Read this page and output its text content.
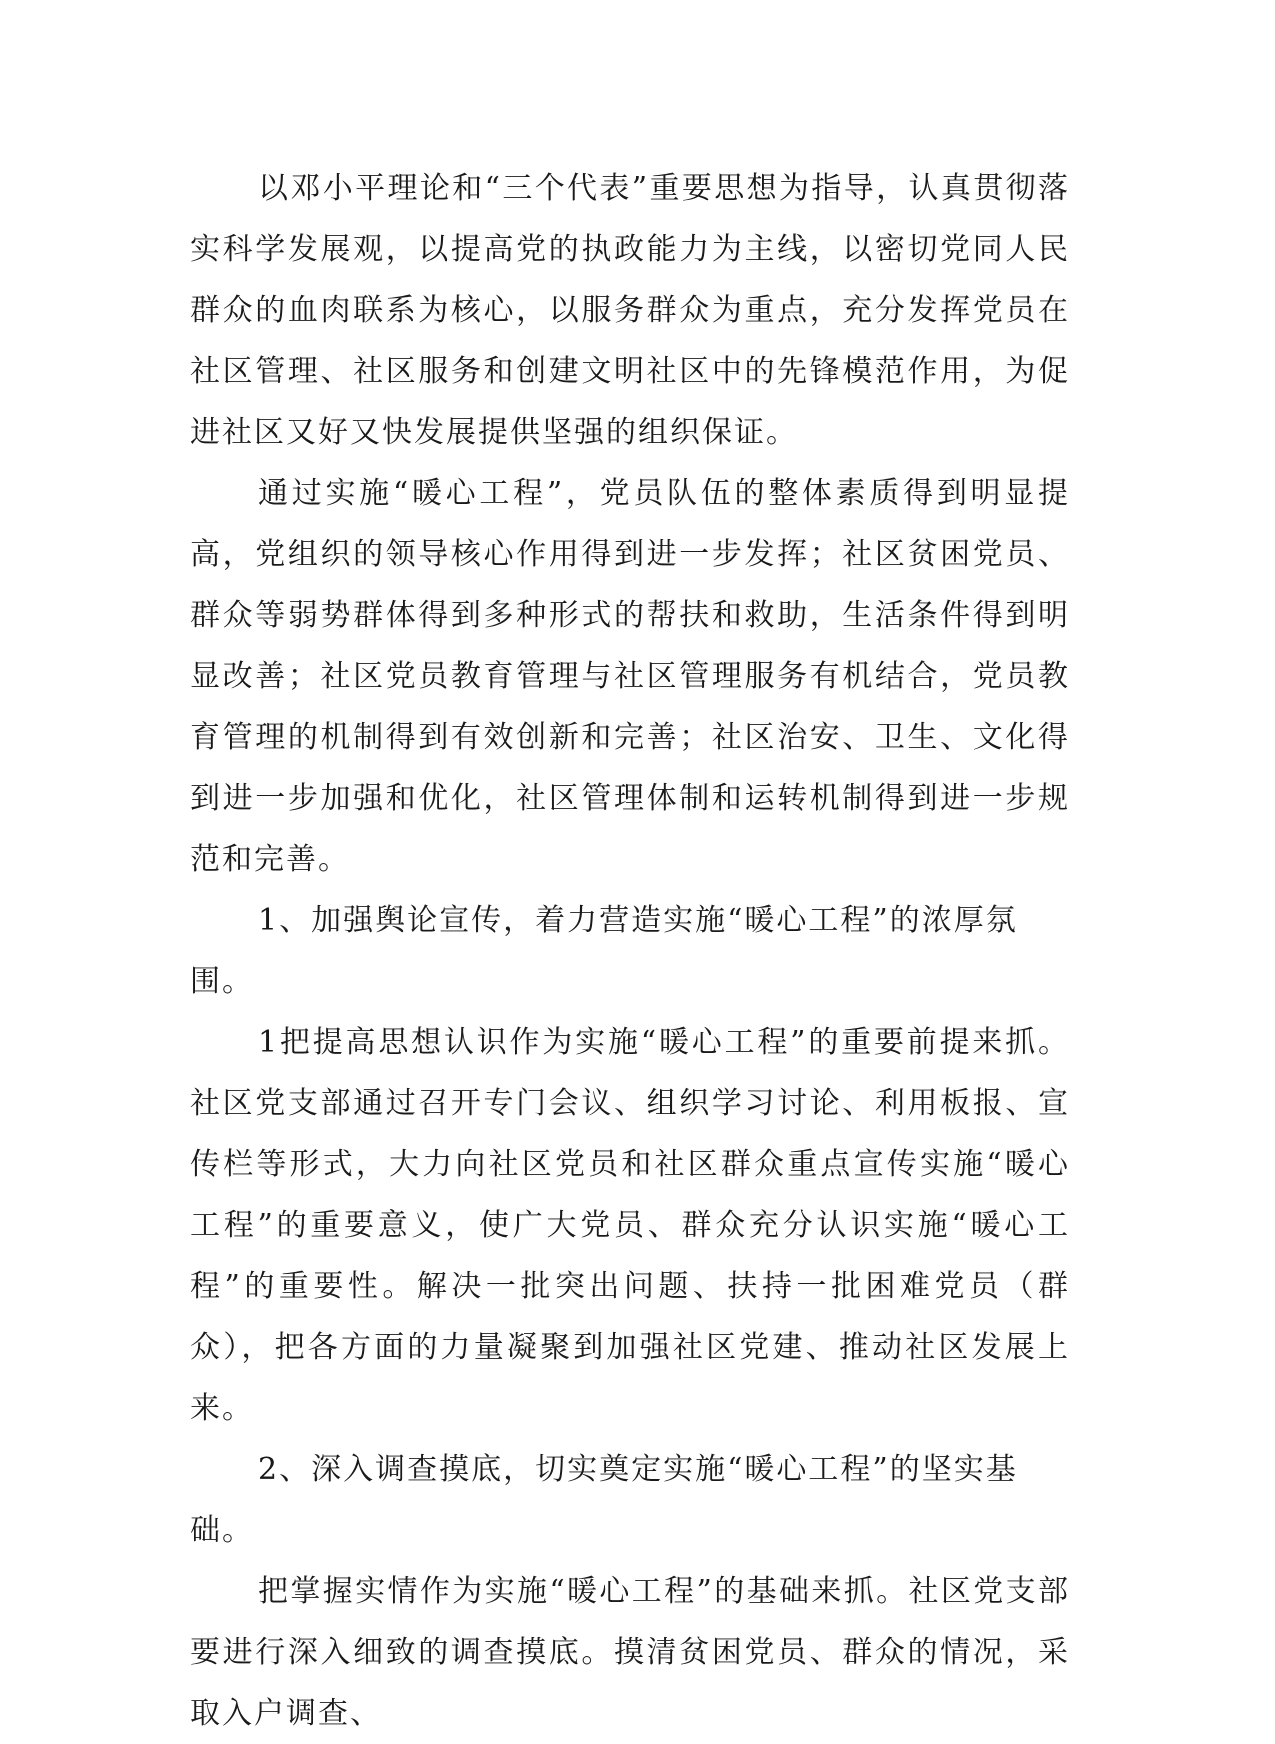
以邓小平理论和“三个代表”重要思想为指导，认真贯彻落实科学发展观，以提高党的执政能力为主线，以密切党同人民群众的血肉联系为核心，以服务群众为重点，充分发挥党员在社区管理、社区服务和创建文明社区中的先锋模范作用，为促进社区又好又快发展提供坚强的组织保证。

通过实施“暖心工程”，党员队伍的整体素质得到明显提高，党组织的领导核心作用得到进一步发挥；社区贫困党员、群众等弱势群体得到多种形式的帮扶和救助，生活条件得到明显改善；社区党员教育管理与社区管理服务有机结合，党员教育管理的机制得到有效创新和完善；社区治安、卫生、文化得到进一步加强和优化，社区管理体制和运转机制得到进一步规范和完善。

1、加强舆论宣传，着力营造实施“暖心工程”的浓厚氛围。

1把提高思想认识作为实施“暖心工程”的重要前提来抓。社区党支部通过召开专门会议、组织学习讨论、利用板报、宣传栏等形式，大力向社区党员和社区群众重点宣传实施“暖心工程”的重要意义，使广大党员、群众充分认识实施“暖心工程”的重要性。解决一批突出问题、扶持一批困难党员（群众），把各方面的力量凝聚到加强社区党建、推动社区发展上来。

2、深入调查摸底，切实奠定实施“暖心工程”的坚实基础。

把掌握实情作为实施“暖心工程”的基础来抓。社区党支部要进行深入细致的调查摸底。摸清贫困党员、群众的情况，采取入户调查、
